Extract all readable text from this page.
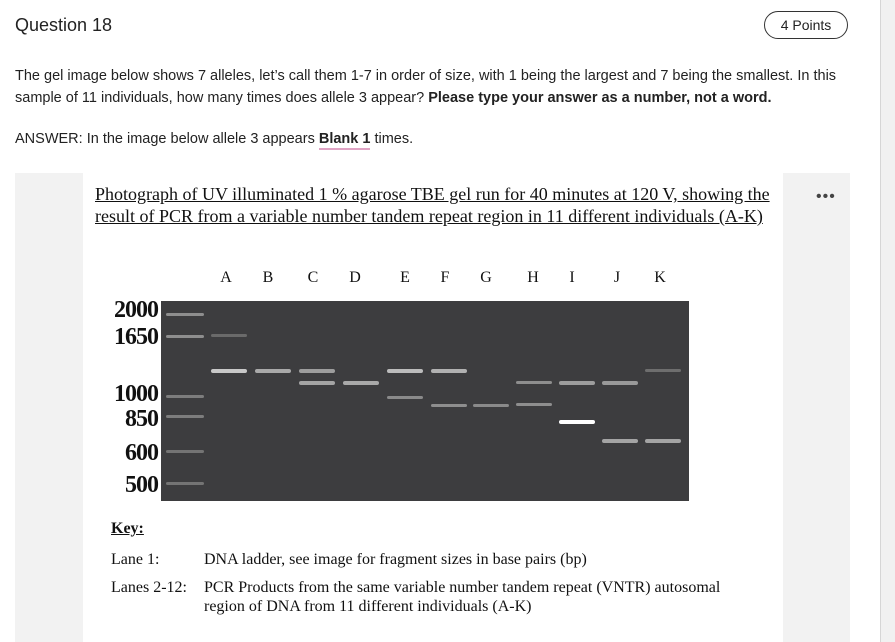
Question 18	4 Points
The gel image below shows 7 alleles, let’s call them 1-7 in order of size, with 1 being the largest and 7 being the smallest. In this sample of 11 individuals, how many times does allele 3 appear? Please type your answer as a number, not a word.
ANSWER: In the image below allele 3 appears Blank 1 times.
Photograph of UV illuminated 1 % agarose TBE gel run for 40 minutes at 120 V, showing the result of PCR from a variable number tandem repeat region in 11 different individuals (A-K)
A B C D E F G H I J K
2000
1650
1000
850
600
500
Key:
Lane 1:	DNA ladder, see image for fragment sizes in base pairs (bp)
Lanes 2-12: PCR Products from the same variable number tandem repeat (VNTR) autosomal region of DNA from 11 different individuals (A-K)
•••
